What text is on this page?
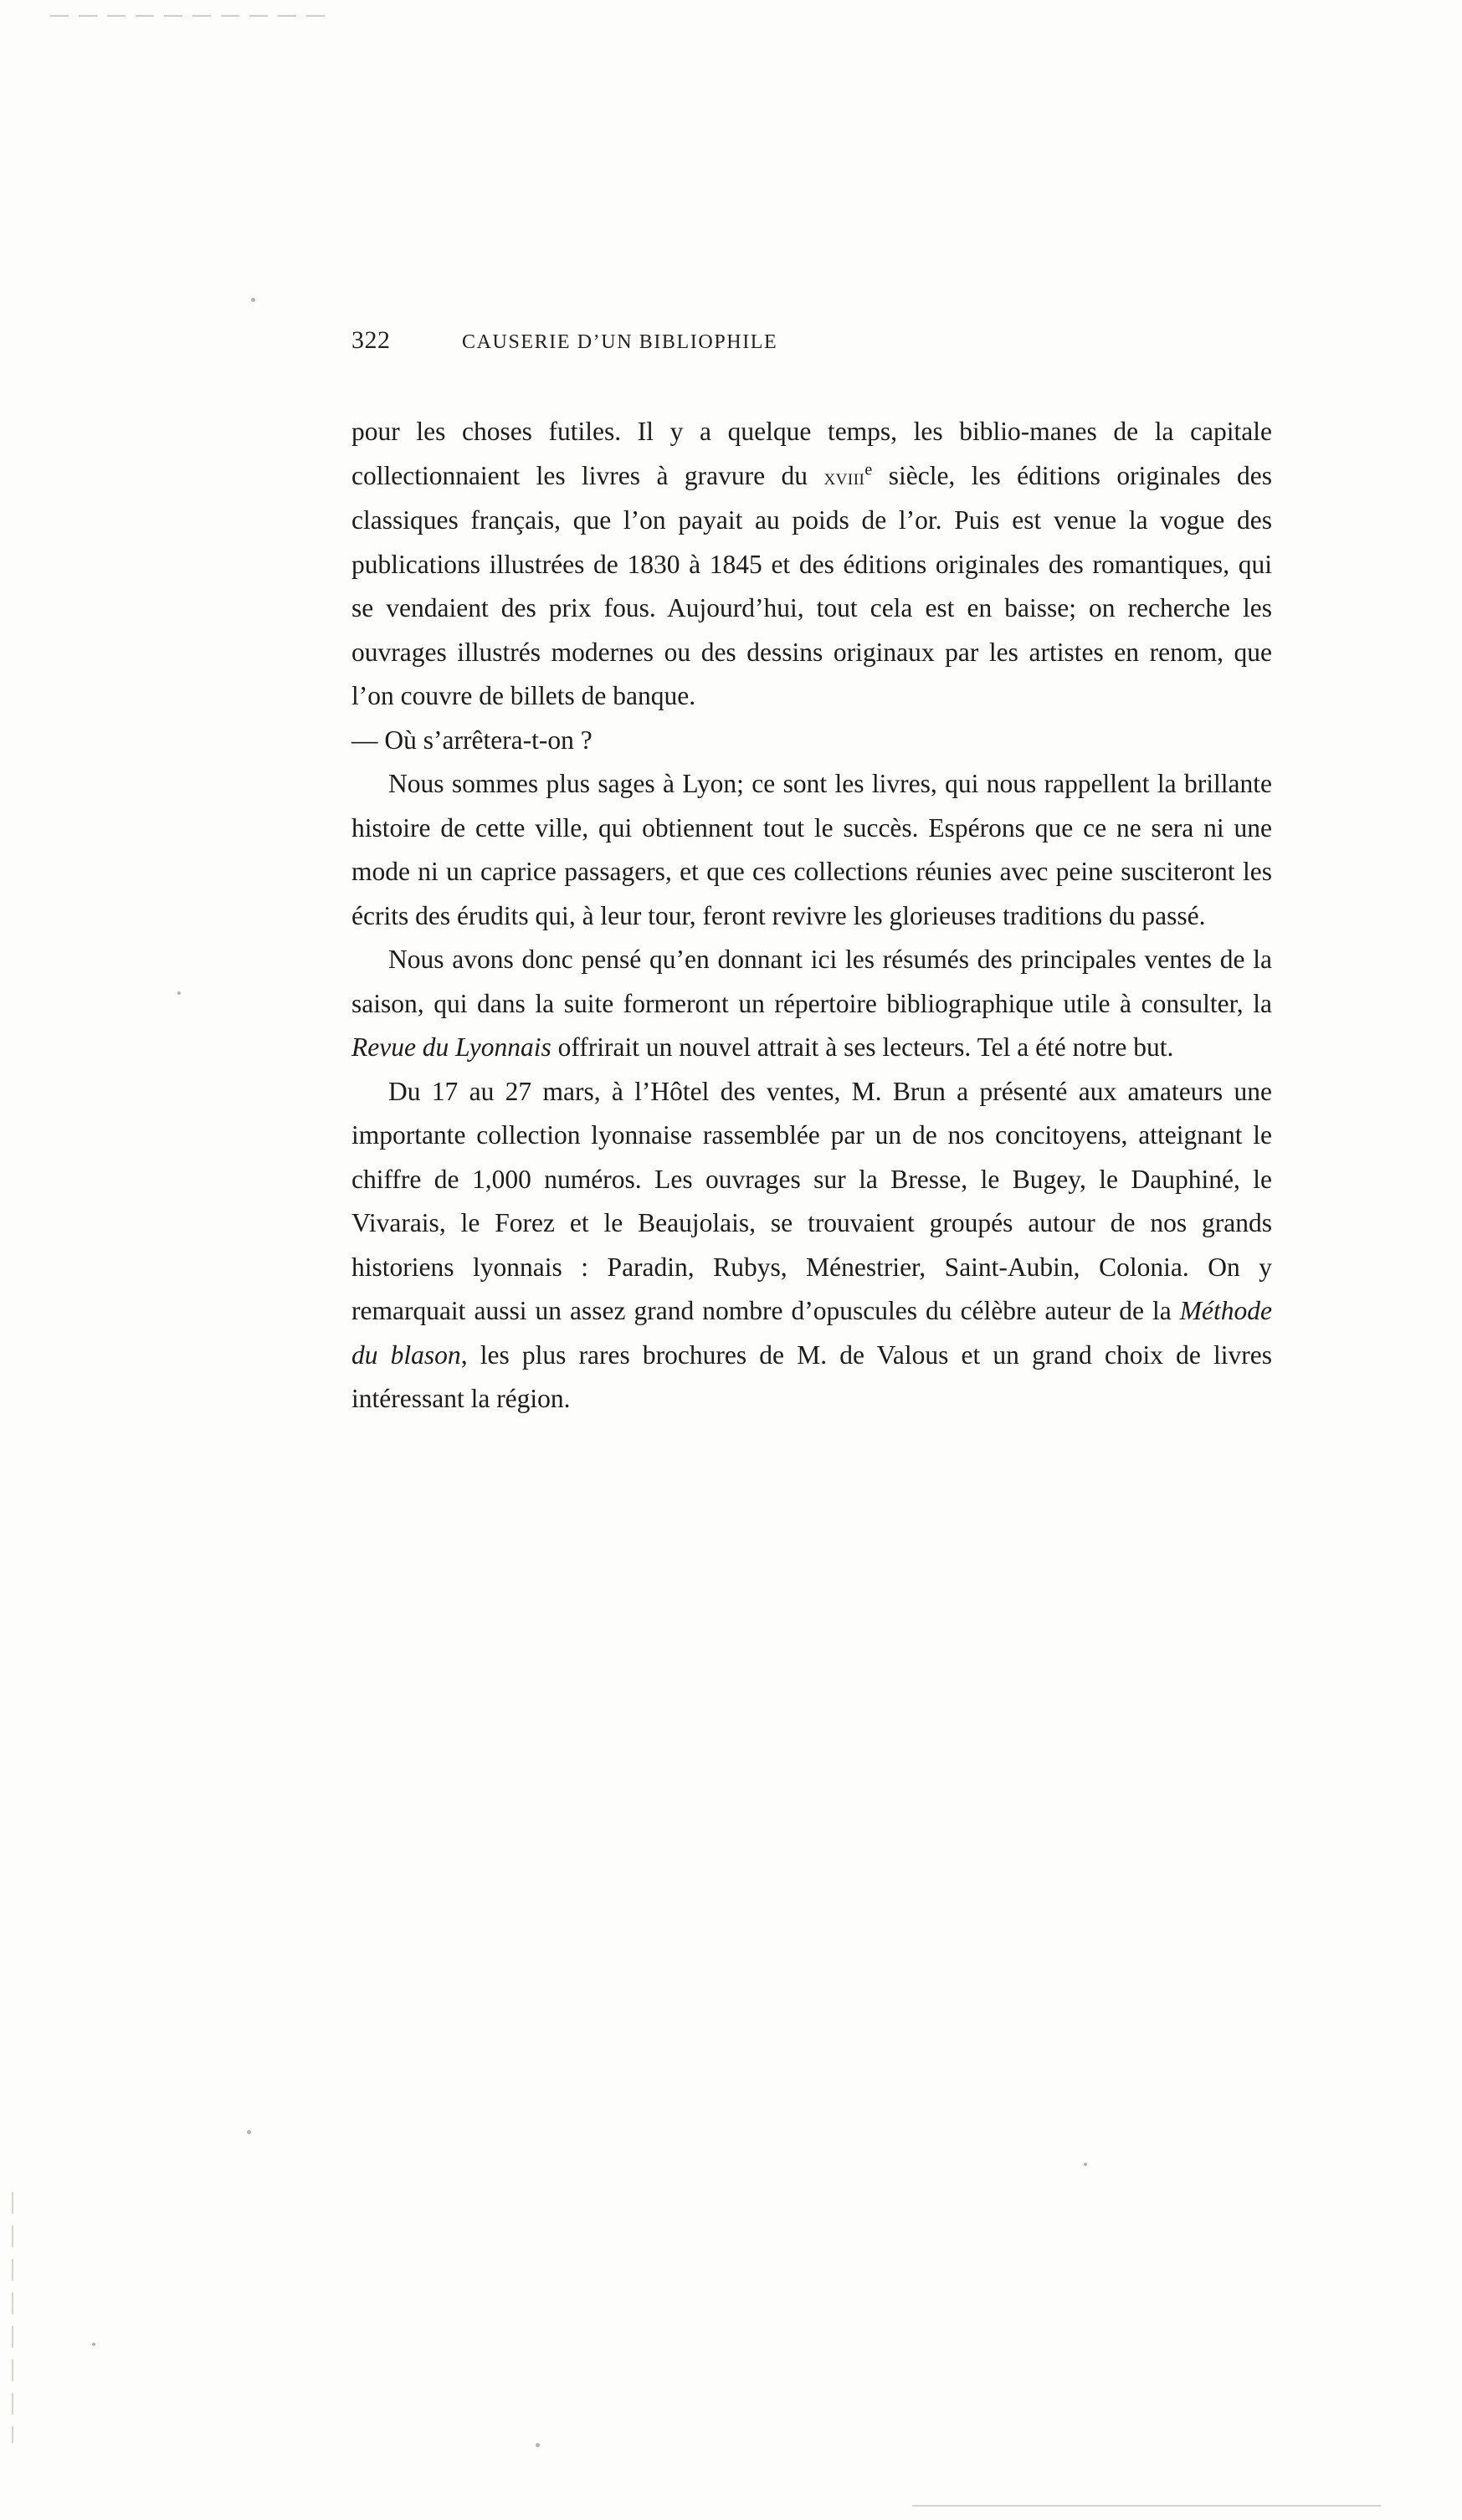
322	CAUSERIE D’UN BIBLIOPHILE

pour les choses futiles. Il y a quelque temps, les biblio-manes de la capitale collectionnaient les livres à gravure du xviii$^e$ siècle, les éditions originales des classiques français, que l’on payait au poids de l’or. Puis est venue la vogue des publications illustrées de 1830 à 1845 et des éditions originales des romantiques, qui se vendaient des prix fous. Aujourd’hui, tout cela est en baisse; on recherche les ouvrages illustrés modernes ou des dessins originaux par les artistes en renom, que l’on couvre de billets de banque.
— Où s’arrêtera-t-on ?

Nous sommes plus sages à Lyon; ce sont les livres, qui nous rappellent la brillante histoire de cette ville, qui obtiennent tout le succès. Espérons que ce ne sera ni une mode ni un caprice passagers, et que ces collections réunies avec peine susciteront les écrits des érudits qui, à leur tour, feront revivre les glorieuses traditions du passé.

Nous avons donc pensé qu’en donnant ici les résumés des principales ventes de la saison, qui dans la suite formeront un répertoire bibliographique utile à consulter, la Revue du Lyonnais offrirait un nouvel attrait à ses lecteurs. Tel a été notre but.

Du 17 au 27 mars, à l’Hôtel des ventes, M. Brun a présenté aux amateurs une importante collection lyonnaise rassemblée par un de nos concitoyens, atteignant le chiffre de 1,000 numéros. Les ouvrages sur la Bresse, le Bugey, le Dauphiné, le Vivarais, le Forez et le Beaujolais, se trouvaient groupés autour de nos grands historiens lyonnais : Paradin, Rubys, Ménestrier, Saint-Aubin, Colonia. On y remarquait aussi un assez grand nombre d’opuscules du célèbre auteur de la Méthode du blason, les plus rares brochures de M. de Valous et un grand choix de livres intéressant la région.
